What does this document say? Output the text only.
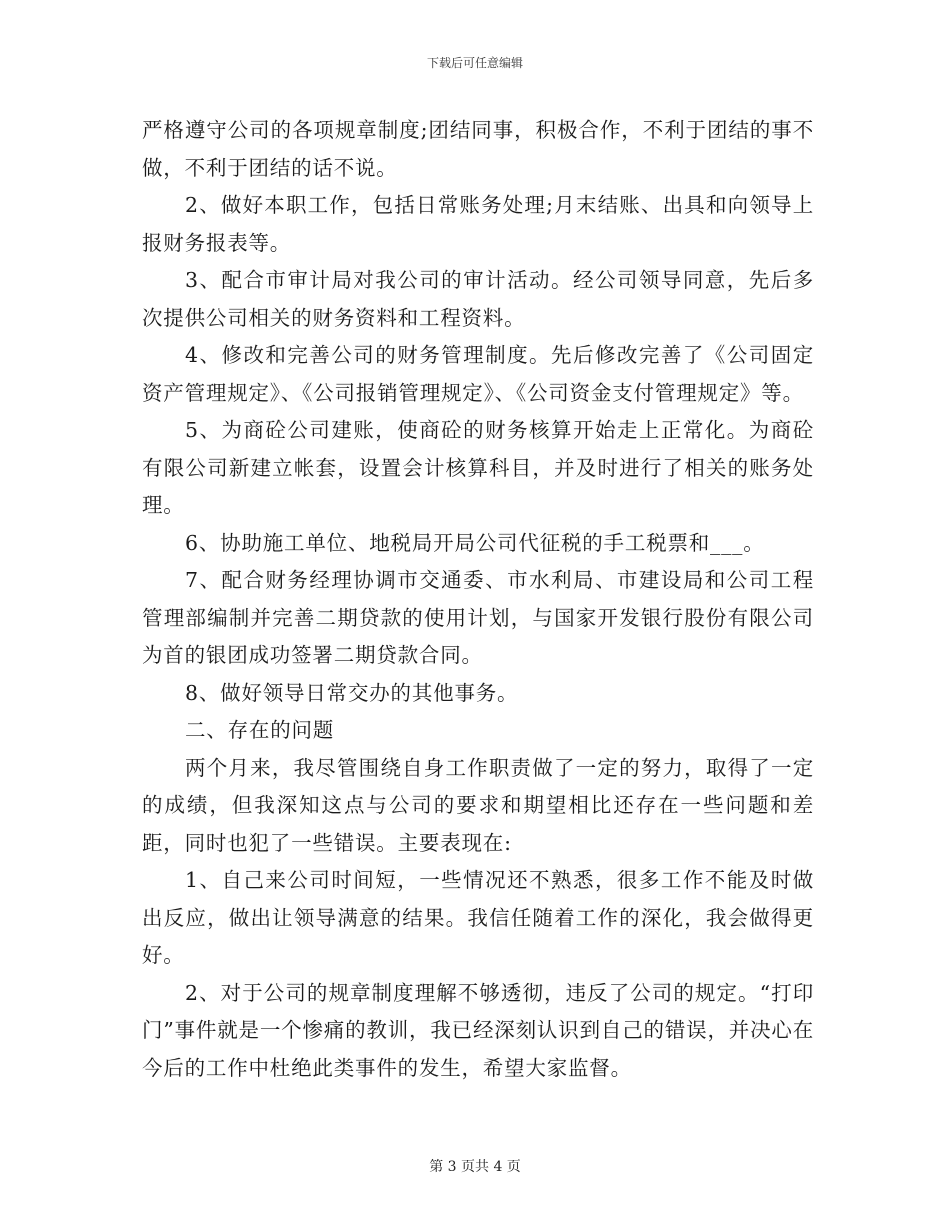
下载后可任意编辑

严格遵守公司的各项规章制度;团结同事，积极合作，不利于团结的事不做，不利于团结的话不说。

2、做好本职工作，包括日常账务处理;月末结账、出具和向领导上报财务报表等。

3、配合市审计局对我公司的审计活动。经公司领导同意，先后多次提供公司相关的财务资料和工程资料。

4、修改和完善公司的财务管理制度。先后修改完善了《公司固定资产管理规定》、《公司报销管理规定》、《公司资金支付管理规定》等。

5、为商砼公司建账，使商砼的财务核算开始走上正常化。为商砼有限公司新建立帐套，设置会计核算科目，并及时进行了相关的账务处理。

6、协助施工单位、地税局开局公司代征税的手工税票和___。

7、配合财务经理协调市交通委、市水利局、市建设局和公司工程管理部编制并完善二期贷款的使用计划，与国家开发银行股份有限公司为首的银团成功签署二期贷款合同。

8、做好领导日常交办的其他事务。

二、存在的问题

两个月来，我尽管围绕自身工作职责做了一定的努力，取得了一定的成绩，但我深知这点与公司的要求和期望相比还存在一些问题和差距，同时也犯了一些错误。主要表现在:

1、自己来公司时间短，一些情况还不熟悉，很多工作不能及时做出反应，做出让领导满意的结果。我信任随着工作的深化，我会做得更好。

2、对于公司的规章制度理解不够透彻，违反了公司的规定。“打印门”事件就是一个惨痛的教训，我已经深刻认识到自己的错误，并决心在今后的工作中杜绝此类事件的发生，希望大家监督。

第 3 页共 4 页
